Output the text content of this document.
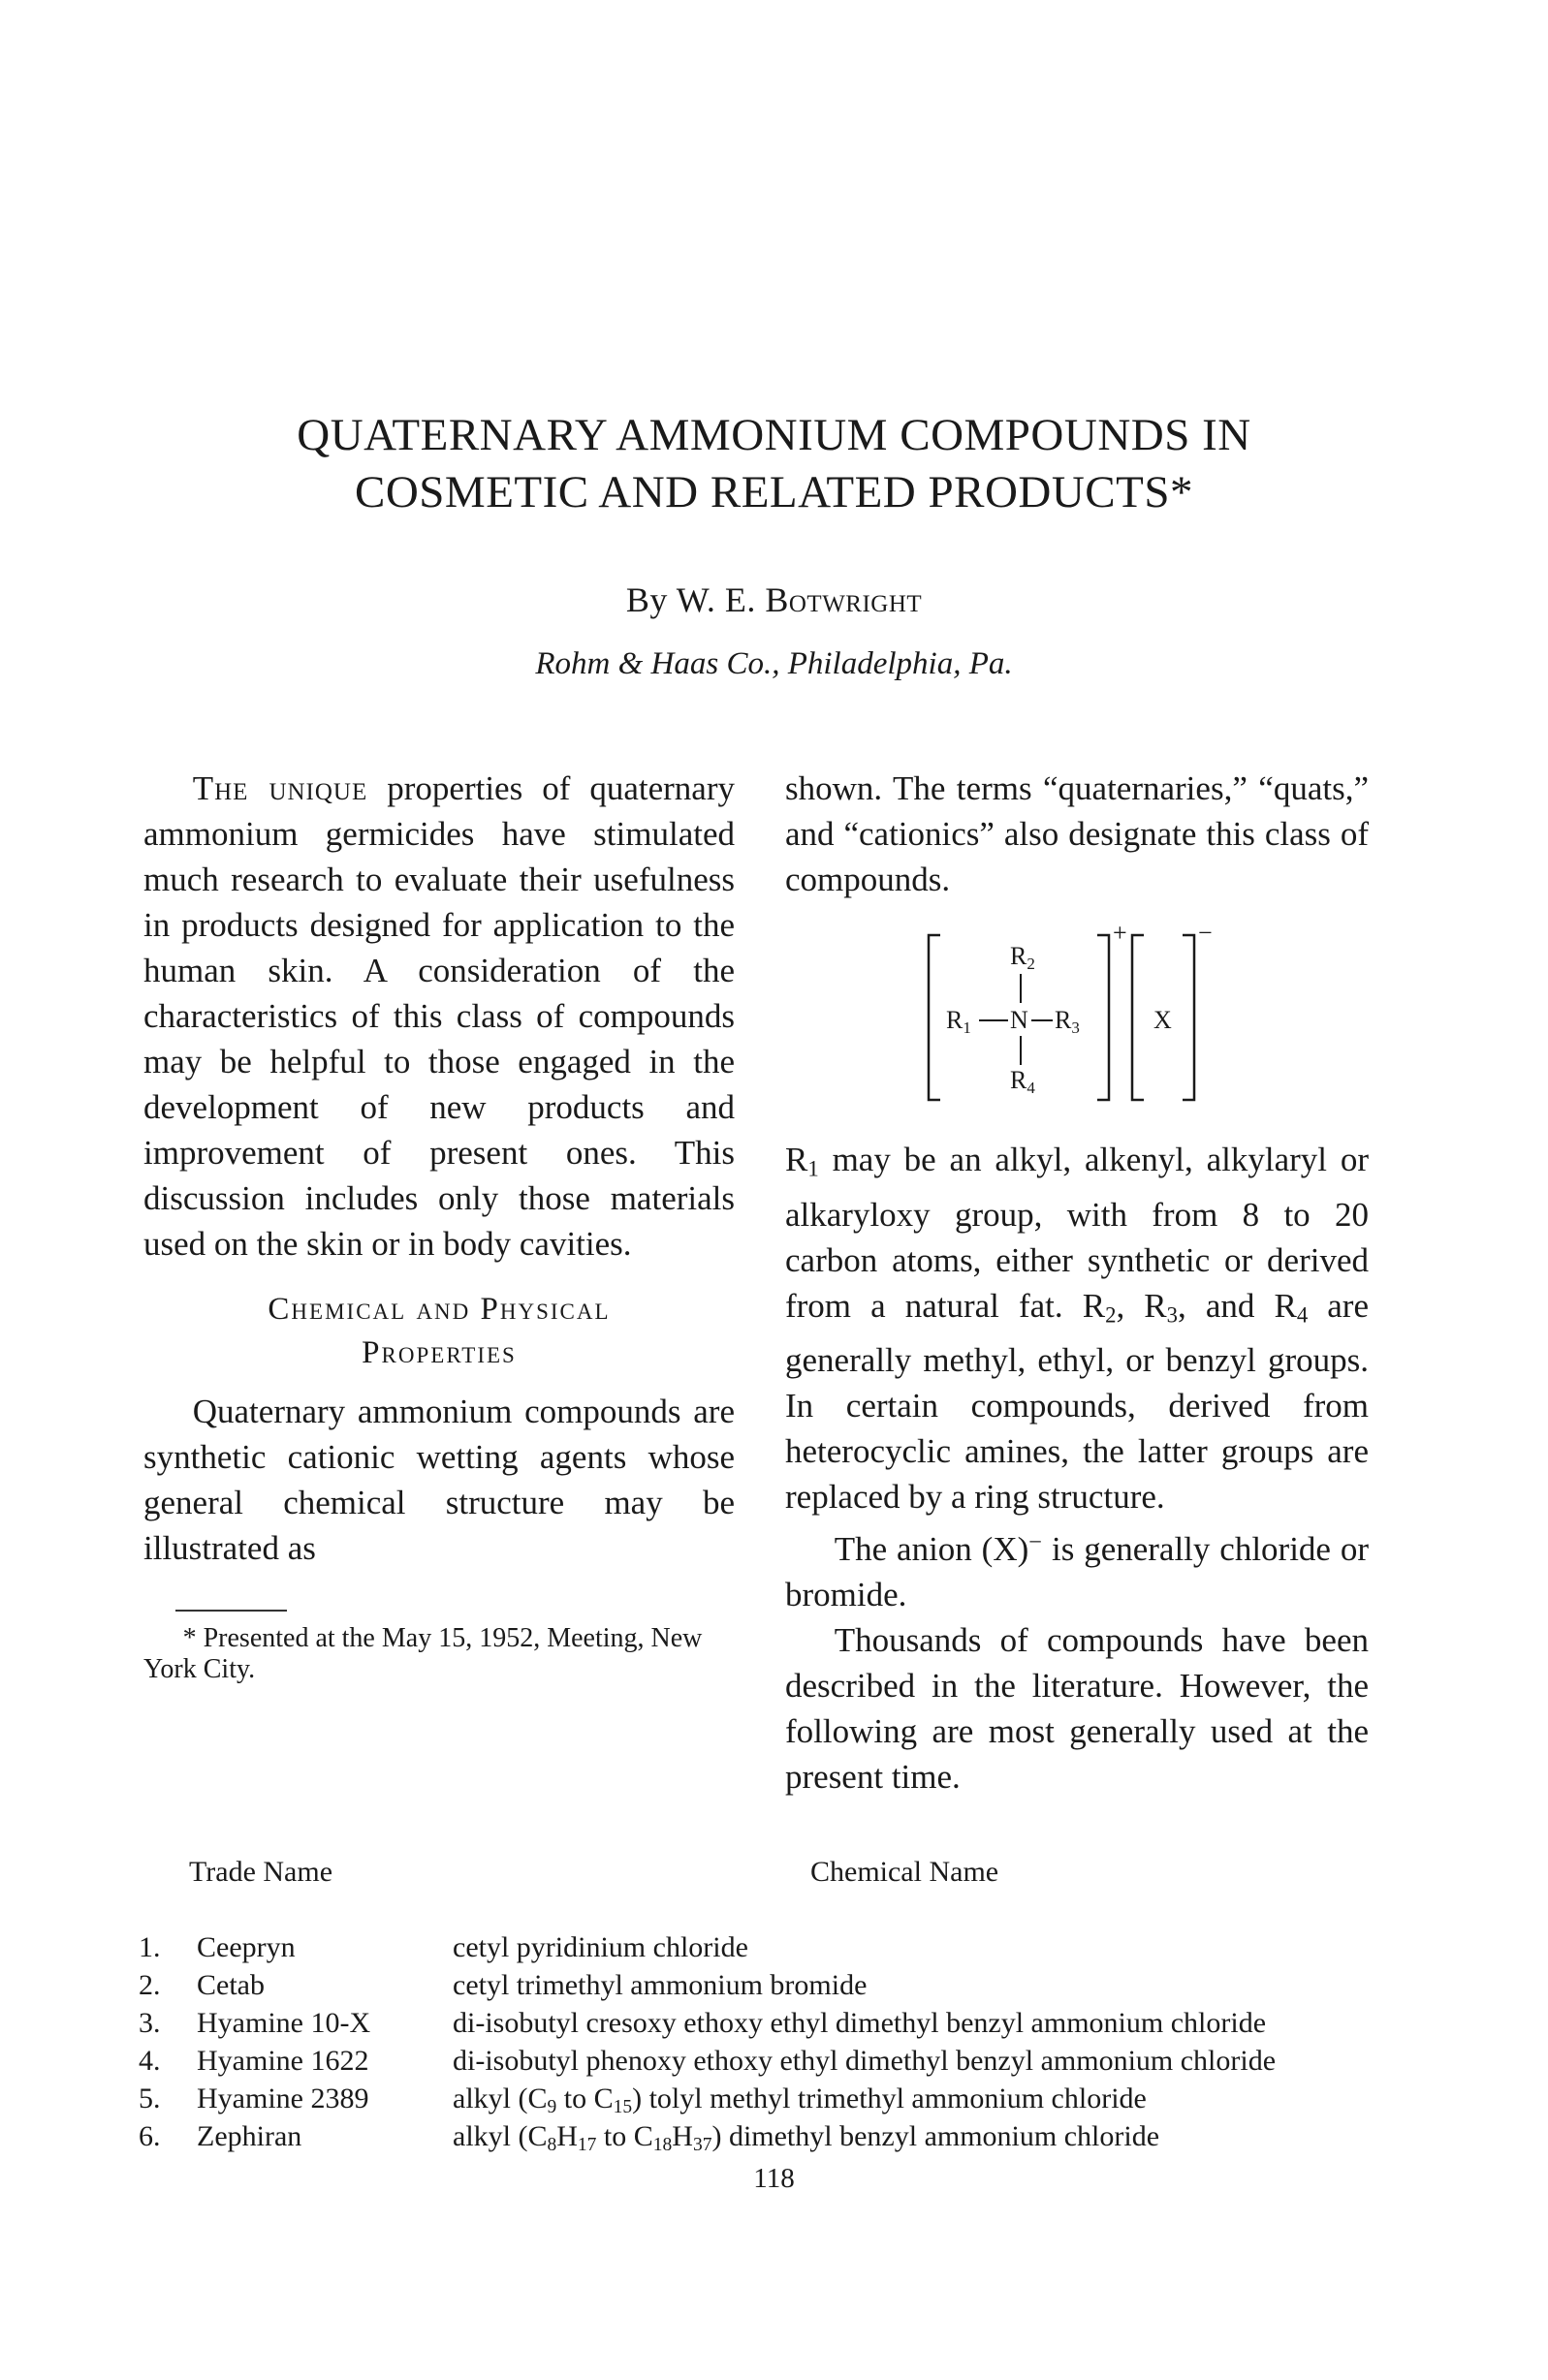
QUATERNARY AMMONIUM COMPOUNDS IN
COSMETIC AND RELATED PRODUCTS*
By W. E. Botwright
Rohm & Haas Co., Philadelphia, Pa.

The unique properties of quaternary ammonium germicides have stimulated much research to evaluate their usefulness in products designed for application to the human skin. A consideration of the characteristics of this class of compounds may be helpful to those engaged in the development of new products and improvement of present ones. This discussion includes only those materials used on the skin or in body cavities.

Chemical and Physical
Properties

Quaternary ammonium compounds are synthetic cationic wetting agents whose general chemical structure may be illustrated as

* Presented at the May 15, 1952, Meeting, New York City.

shown. The terms “quaternaries,” “quats,” and “cationics” also designate this class of compounds.

R2
R1 N R3
R4
+	−
X

$R_1$ may be an alkyl, alkenyl, alkylaryl or alkaryloxy group, with from 8 to 20 carbon atoms, either synthetic or derived from a natural fat. $R_2$, $R_3$, and $R_4$ are generally methyl, ethyl, or benzyl groups. In certain compounds, derived from heterocyclic amines, the latter groups are replaced by a ring structure.

The anion (X)− is generally chloride or bromide.

Thousands of compounds have been described in the literature. However, the following are most generally used at the present time.

Trade Name	Chemical Name
1. Ceepryn	cetyl pyridinium chloride
2. Cetab	cetyl trimethyl ammonium bromide
3. Hyamine 10-X	di-isobutyl cresoxy ethoxy ethyl dimethyl benzyl ammonium chloride
4. Hyamine 1622	di-isobutyl phenoxy ethoxy ethyl dimethyl benzyl ammonium chloride
5. Hyamine 2389	alkyl ($C_9$ to $C_{15}$) tolyl methyl trimethyl ammonium chloride
6. Zephiran	alkyl ($C_8H_{17}$ to $C_{18}H_{37}$) dimethyl benzyl ammonium chloride
118
